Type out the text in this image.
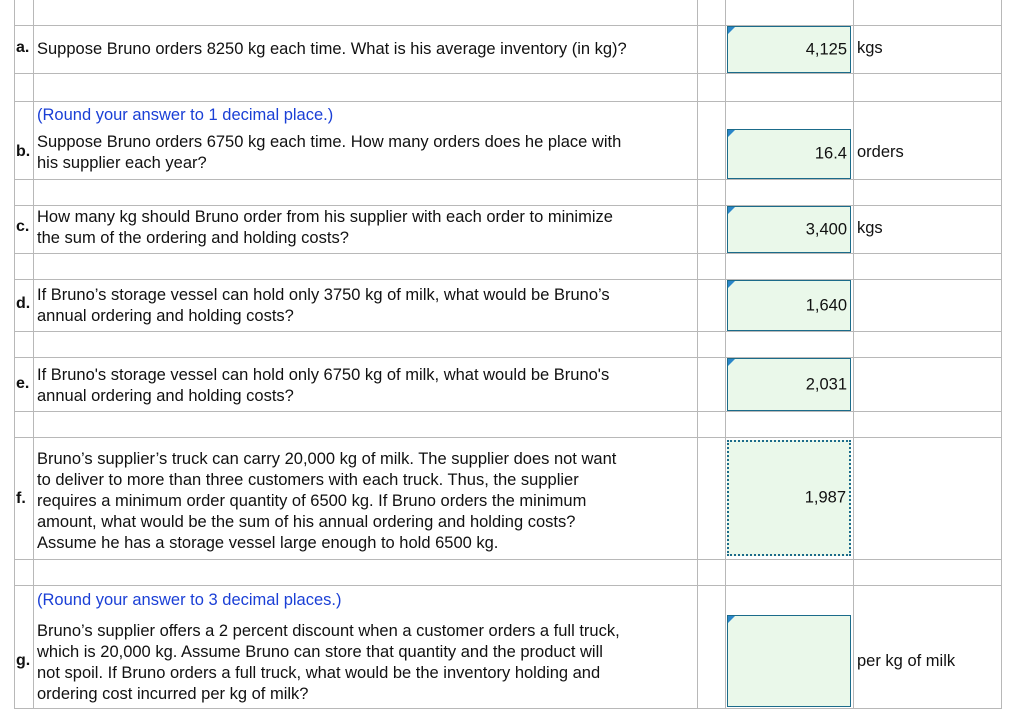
a. Suppose Bruno orders 8250 kg each time. What is his average inventory (in kg)?	4,125 kgs
(Round your answer to 1 decimal place.)
b.
Suppose Bruno orders 6750 kg each time. How many orders does he place with
his supplier each year?
16.4 orders
c.
How many kg should Bruno order from his supplier with each order to minimize
the sum of the ordering and holding costs?	3,400 kgs
d. If Bruno’s storage vessel can hold only 3750 kg of milk, what would be Bruno’s
annual ordering and holding costs?
1,640
e. If Bruno's storage vessel can hold only 6750 kg of milk, what would be Bruno's
annual ordering and holding costs?
2,031
f.
Bruno’s supplier’s truck can carry 20,000 kg of milk. The supplier does not want
to deliver to more than three customers with each truck. Thus, the supplier
requires a minimum order quantity of 6500 kg. If Bruno orders the minimum
amount, what would be the sum of his annual ordering and holding costs?
Assume he has a storage vessel large enough to hold 6500 kg.
1,987
(Round your answer to 3 decimal places.)
g.
Bruno’s supplier offers a 2 percent discount when a customer orders a full truck,
which is 20,000 kg. Assume Bruno can store that quantity and the product will
not spoil. If Bruno orders a full truck, what would be the inventory holding and
ordering cost incurred per kg of milk?
per kg of milk
